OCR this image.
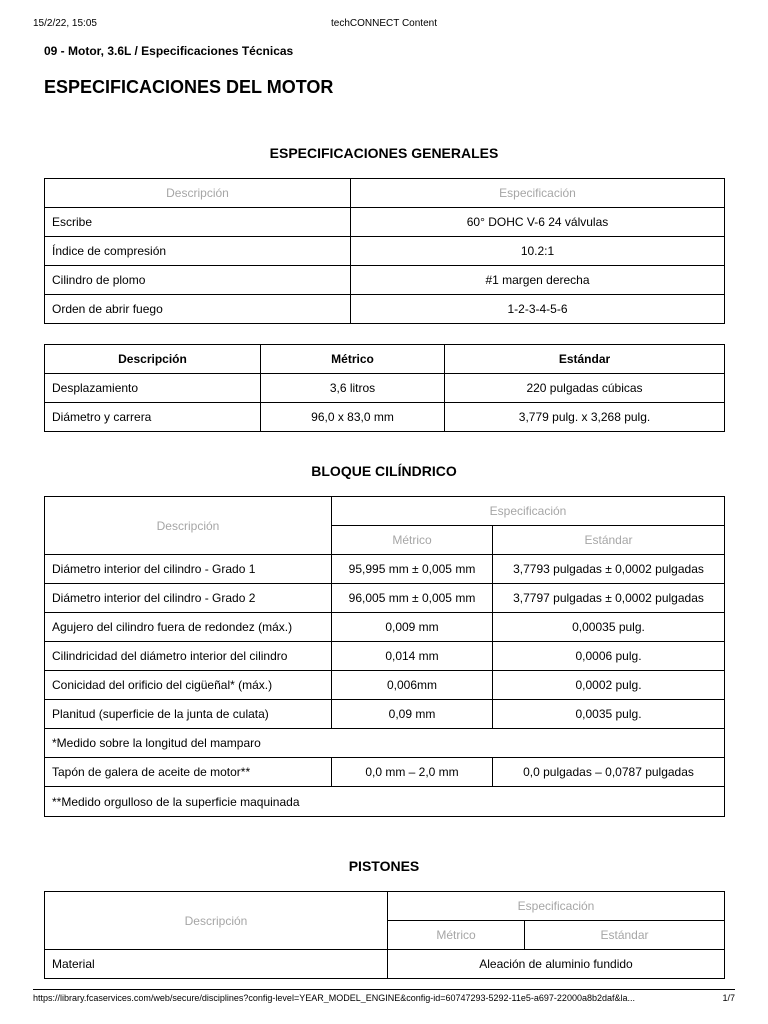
15/2/22, 15:05	techCONNECT Content
09 - Motor, 3.6L / Especificaciones Técnicas
ESPECIFICACIONES DEL MOTOR
ESPECIFICACIONES GENERALES
Descripción	Especificación
Escribe	60° DOHC V-6 24 válvulas
Índice de compresión	10.2:1
Cilindro de plomo	#1 margen derecha
Orden de abrir fuego	1-2-3-4-5-6
Descripción	Métrico	Estándar
Desplazamiento	3,6 litros	220 pulgadas cúbicas
Diámetro y carrera	96,0 x 83,0 mm	3,779 pulg. x 3,268 pulg.
BLOQUE CILÍNDRICO
Descripción	Especificación	
	Métrico	Estándar
Diámetro interior del cilindro - Grado 1	95,995 mm ± 0,005 mm	3,7793 pulgadas ± 0,0002 pulgadas
Diámetro interior del cilindro - Grado 2	96,005 mm ± 0,005 mm	3,7797 pulgadas ± 0,0002 pulgadas
Agujero del cilindro fuera de redondez (máx.)	0,009 mm	0,00035 pulg.
Cilindricidad del diámetro interior del cilindro	0,014 mm	0,0006 pulg.
Conicidad del orificio del cigüeñal* (máx.)	0,006mm	0,0002 pulg.
Planitud (superficie de la junta de culata)	0,09 mm	0,0035 pulg.
*Medido sobre la longitud del mamparo		
Tapón de galera de aceite de motor**	0,0 mm – 2,0 mm	0,0 pulgadas – 0,0787 pulgadas
**Medido orgulloso de la superficie maquinada		
PISTONES
Descripción	Especificación	
	Métrico	Estándar
Material	Aleación de aluminio fundido	
https://library.fcaservices.com/web/secure/disciplines?config-level=YEAR_MODEL_ENGINE&config-id=60747293-5292-11e5-a697-22000a8b2daf&la...	1/7
